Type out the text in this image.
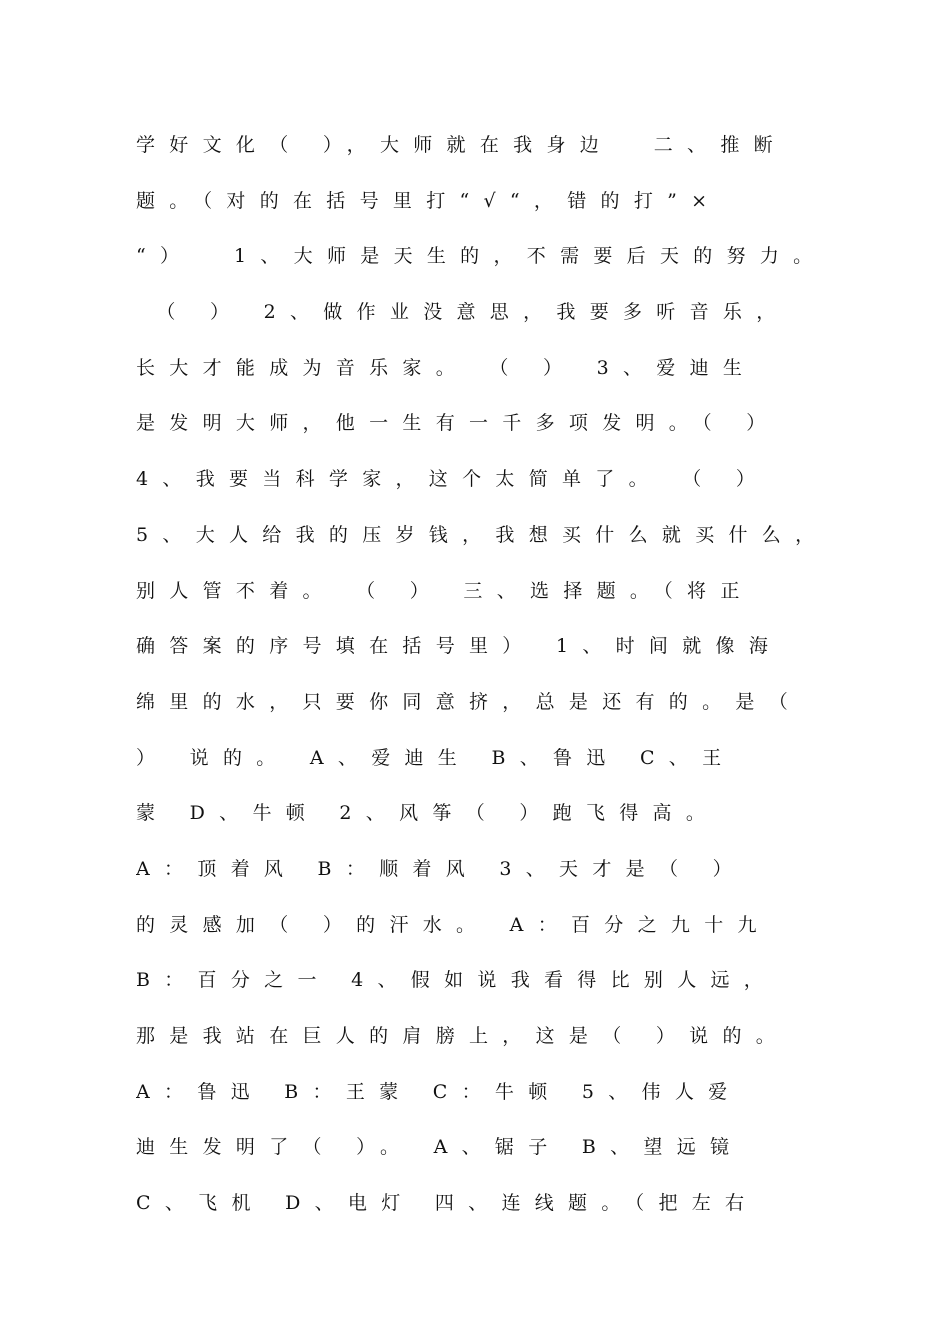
学好文化（ ），大师就在我身边  二、推断
题。（对的在括号里打“√“，错的打”×
“）  1、大师是天生的，不需要后天的努力。
（ ） 2、做作业没意思，我要多听音乐，
长大才能成为音乐家。 （ ） 3、爱迪生
是发明大师，他一生有一千多项发明。（ ）
4、我要当科学家，这个太简单了。 （ ）
5、大人给我的压岁钱，我想买什么就买什么，
别人管不着。 （ ） 三、选择题。（将正
确答案的序号填在括号里） 1、时间就像海
绵里的水，只要你同意挤，总是还有的。是（
） 说的。 A、爱迪生 B、鲁迅 C、王
蒙 D、牛顿 2、风筝（ ）跑飞得高。
A：顶着风 B：顺着风 3、天才是（ ）
的灵感加（ ）的汗水。 A：百分之九十九
B：百分之一 4、假如说我看得比别人远，
那是我站在巨人的肩膀上，这是（ ）说的。
A：鲁迅 B：王蒙 C：牛顿 5、伟人爱
迪生发明了（ ）。 A、锯子 B、望远镜
C、飞机 D、电灯 四、连线题。（把左右
